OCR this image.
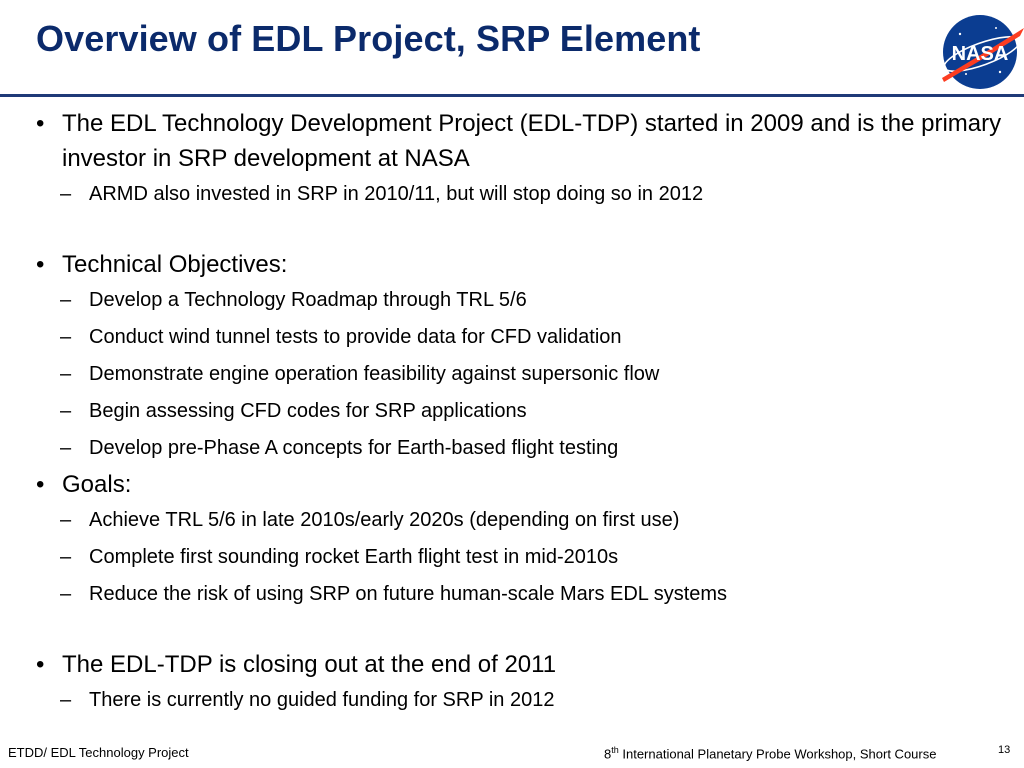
Overview of EDL Project, SRP Element	NASA
• The EDL Technology Development Project (EDL-TDP) started in 2009 and is the primary investor in SRP development at NASA
– ARMD also invested in SRP in 2010/11, but will stop doing so in 2012
• Technical Objectives:
– Develop a Technology Roadmap through TRL 5/6
– Conduct wind tunnel tests to provide data for CFD validation
– Demonstrate engine operation feasibility against supersonic flow
– Begin assessing CFD codes for SRP applications
– Develop pre-Phase A concepts for Earth-based flight testing
• Goals:
– Achieve TRL 5/6 in late 2010s/early 2020s (depending on first use)
– Complete first sounding rocket Earth flight test in mid-2010s
– Reduce the risk of using SRP on future human-scale Mars EDL systems
• The EDL-TDP is closing out at the end of 2011
– There is currently no guided funding for SRP in 2012
ETDD/ EDL Technology Project	8th International Planetary Probe Workshop, Short Course	13
